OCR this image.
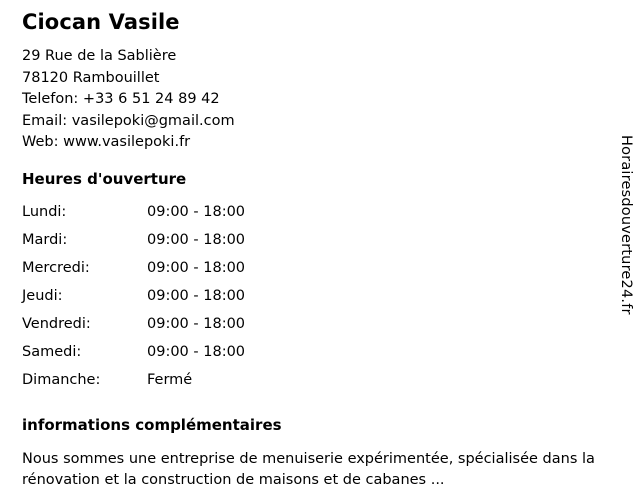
Ciocan Vasile
29 Rue de la Sablière
78120 Rambouillet
Telefon: +33 6 51 24 89 42
Email: vasilepoki@gmail.com
Web: www.vasilepoki.fr
Heures d'ouverture
Lundi:	09:00 - 18:00
Mardi:	09:00 - 18:00
Mercredi:	09:00 - 18:00
Jeudi:	09:00 - 18:00
Vendredi:	09:00 - 18:00
Samedi:	09:00 - 18:00
Dimanche:	Fermé
informations complémentaires
Nous sommes une entreprise de menuiserie expérimentée, spécialisée dans la rénovation et la construction de maisons et de cabanes ...
Horairesdouverture24.fr
